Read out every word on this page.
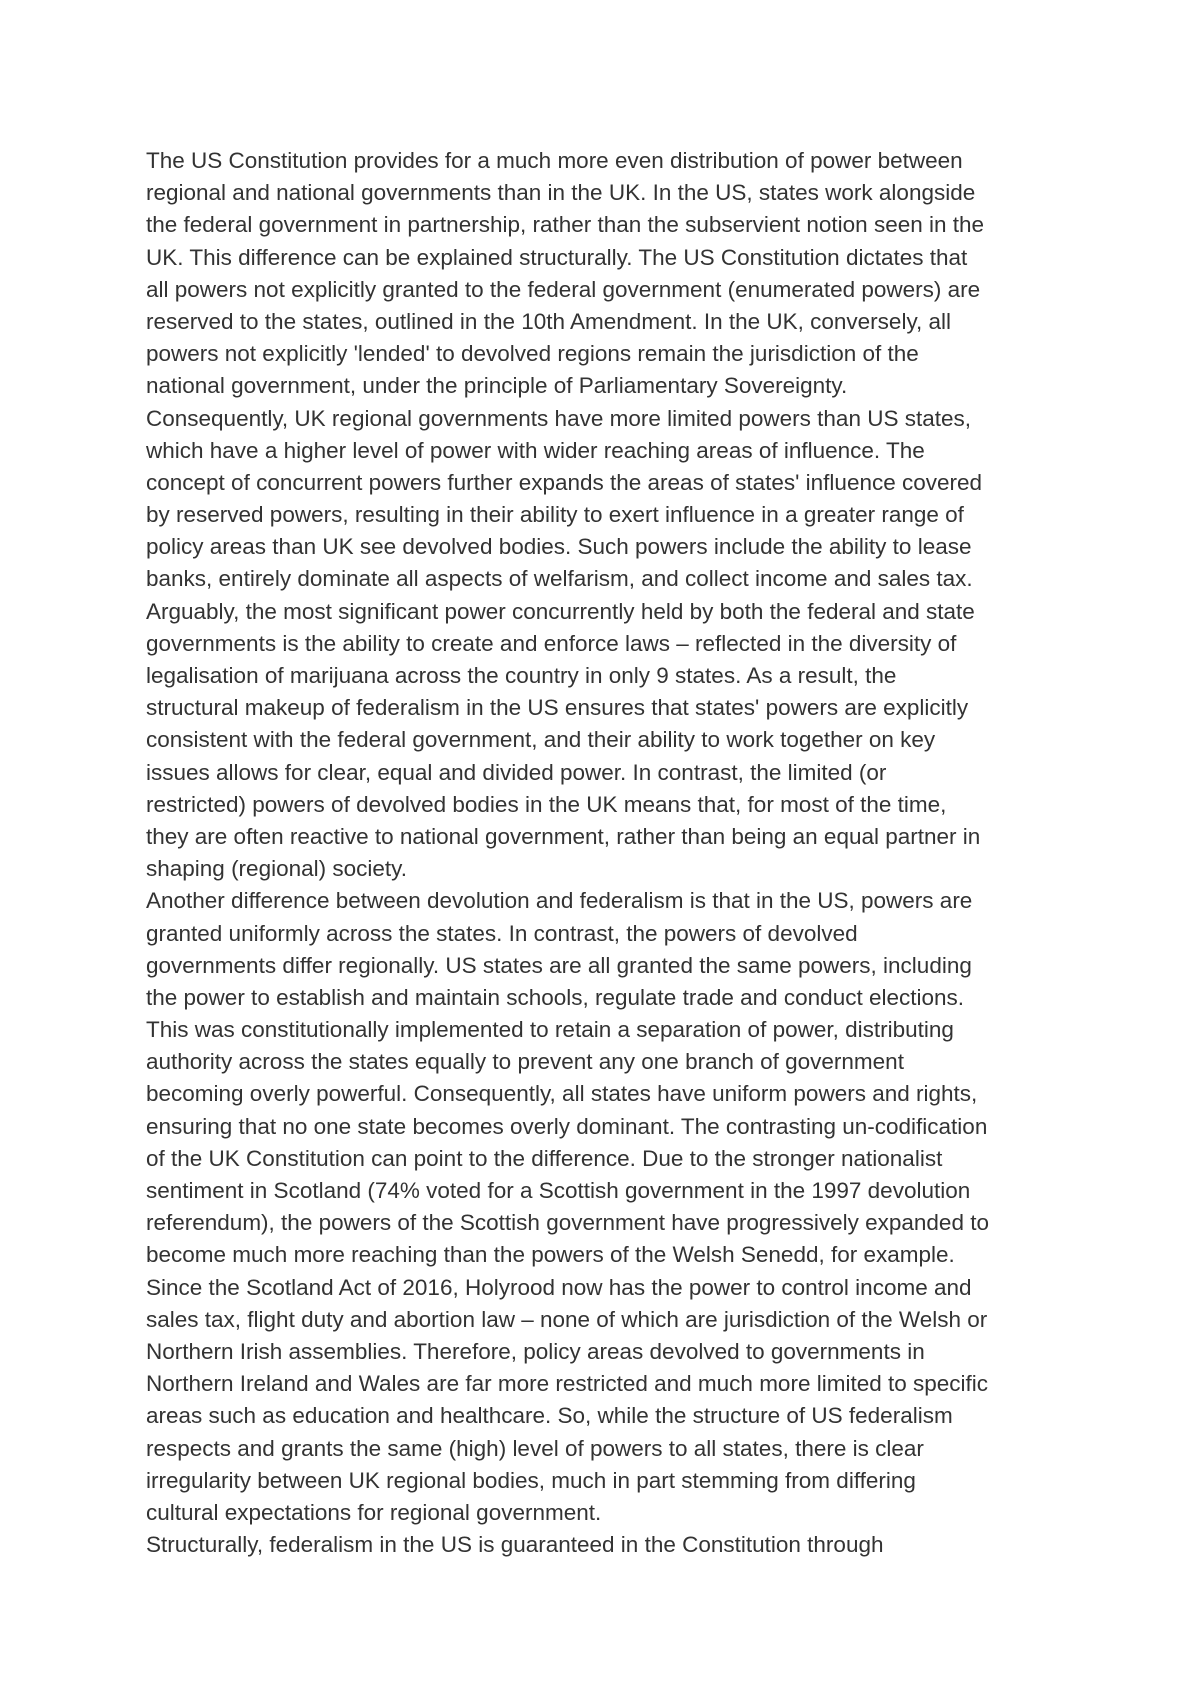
The US Constitution provides for a much more even distribution of power between
regional and national governments than in the UK. In the US, states work alongside
the federal government in partnership, rather than the subservient notion seen in the
UK. This difference can be explained structurally. The US Constitution dictates that
all powers not explicitly granted to the federal government (enumerated powers) are
reserved to the states, outlined in the 10th Amendment. In the UK, conversely, all
powers not explicitly 'lended' to devolved regions remain the jurisdiction of the
national government, under the principle of Parliamentary Sovereignty.
Consequently, UK regional governments have more limited powers than US states,
which have a higher level of power with wider reaching areas of influence. The
concept of concurrent powers further expands the areas of states' influence covered
by reserved powers, resulting in their ability to exert influence in a greater range of
policy areas than UK see devolved bodies. Such powers include the ability to lease
banks, entirely dominate all aspects of welfarism, and collect income and sales tax.
Arguably, the most significant power concurrently held by both the federal and state
governments is the ability to create and enforce laws – reflected in the diversity of
legalisation of marijuana across the country in only 9 states. As a result, the
structural makeup of federalism in the US ensures that states' powers are explicitly
consistent with the federal government, and their ability to work together on key
issues allows for clear, equal and divided power. In contrast, the limited (or
restricted) powers of devolved bodies in the UK means that, for most of the time,
they are often reactive to national government, rather than being an equal partner in
shaping (regional) society.
Another difference between devolution and federalism is that in the US, powers are
granted uniformly across the states. In contrast, the powers of devolved
governments differ regionally. US states are all granted the same powers, including
the power to establish and maintain schools, regulate trade and conduct elections.
This was constitutionally implemented to retain a separation of power, distributing
authority across the states equally to prevent any one branch of government
becoming overly powerful. Consequently, all states have uniform powers and rights,
ensuring that no one state becomes overly dominant. The contrasting un-codification
of the UK Constitution can point to the difference. Due to the stronger nationalist
sentiment in Scotland (74% voted for a Scottish government in the 1997 devolution
referendum), the powers of the Scottish government have progressively expanded to
become much more reaching than the powers of the Welsh Senedd, for example.
Since the Scotland Act of 2016, Holyrood now has the power to control income and
sales tax, flight duty and abortion law – none of which are jurisdiction of the Welsh or
Northern Irish assemblies. Therefore, policy areas devolved to governments in
Northern Ireland and Wales are far more restricted and much more limited to specific
areas such as education and healthcare. So, while the structure of US federalism
respects and grants the same (high) level of powers to all states, there is clear
irregularity between UK regional bodies, much in part stemming from differing
cultural expectations for regional government.
Structurally, federalism in the US is guaranteed in the Constitution through
